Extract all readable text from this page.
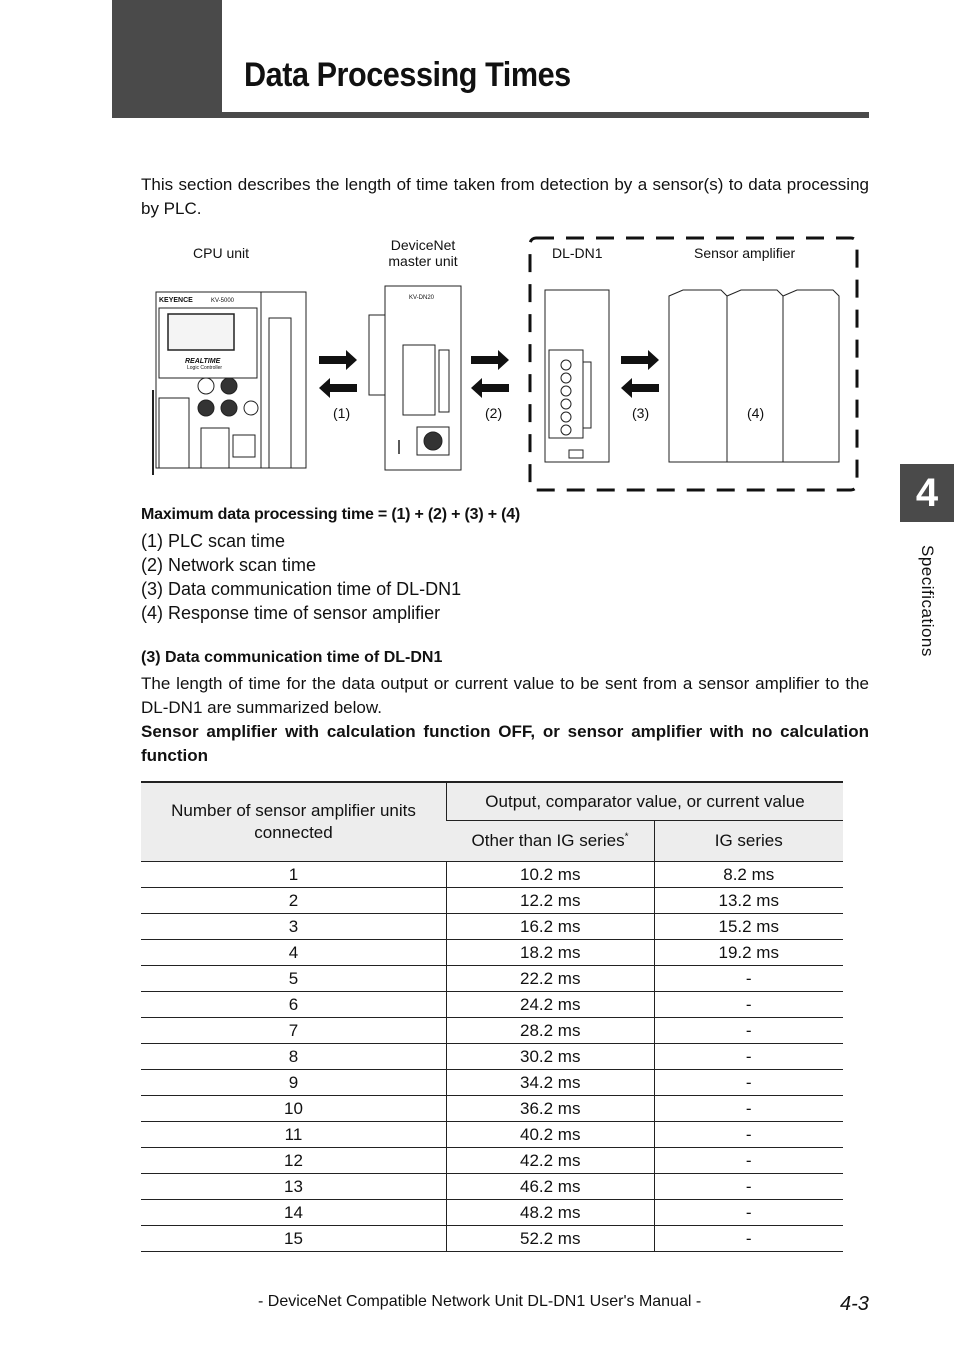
Data Processing Times

This section describes the length of time taken from detection by a sensor(s) to data processing by PLC.

KEYENCE	KV-5000
REALTIME
Logic Controller
KV-DN20
CPU unit	DeviceNet
master unit	DL-DN1	Sensor amplifier
(1)	(2)	(3)	(4)
Maximum data processing time = (1) + (2) + (3) + (4)
(1) PLC scan time
(2) Network scan time
(3) Data communication time of DL-DN1
(4) Response time of sensor amplifier
(3) Data communication time of DL-DN1

The length of time for the data output or current value to be sent from a sensor amplifier to the DL-DN1 are summarized below.

Sensor amplifier with calculation function OFF, or sensor amplifier with no calculation function

Number of sensor amplifier units connected	Output, comparator value, or current value	
	Other than IG series*	IG series
1	10.2 ms	8.2 ms
2	12.2 ms	13.2 ms
3	16.2 ms	15.2 ms
4	18.2 ms	19.2 ms
5	22.2 ms	-
6	24.2 ms	-
7	28.2 ms	-
8	30.2 ms	-
9	34.2 ms	-
10	36.2 ms	-
11	40.2 ms	-
12	42.2 ms	-
13	46.2 ms	-
14	48.2 ms	-
15	52.2 ms	-
4
Specifications
- DeviceNet Compatible Network Unit DL-DN1 User's Manual -	4-3
